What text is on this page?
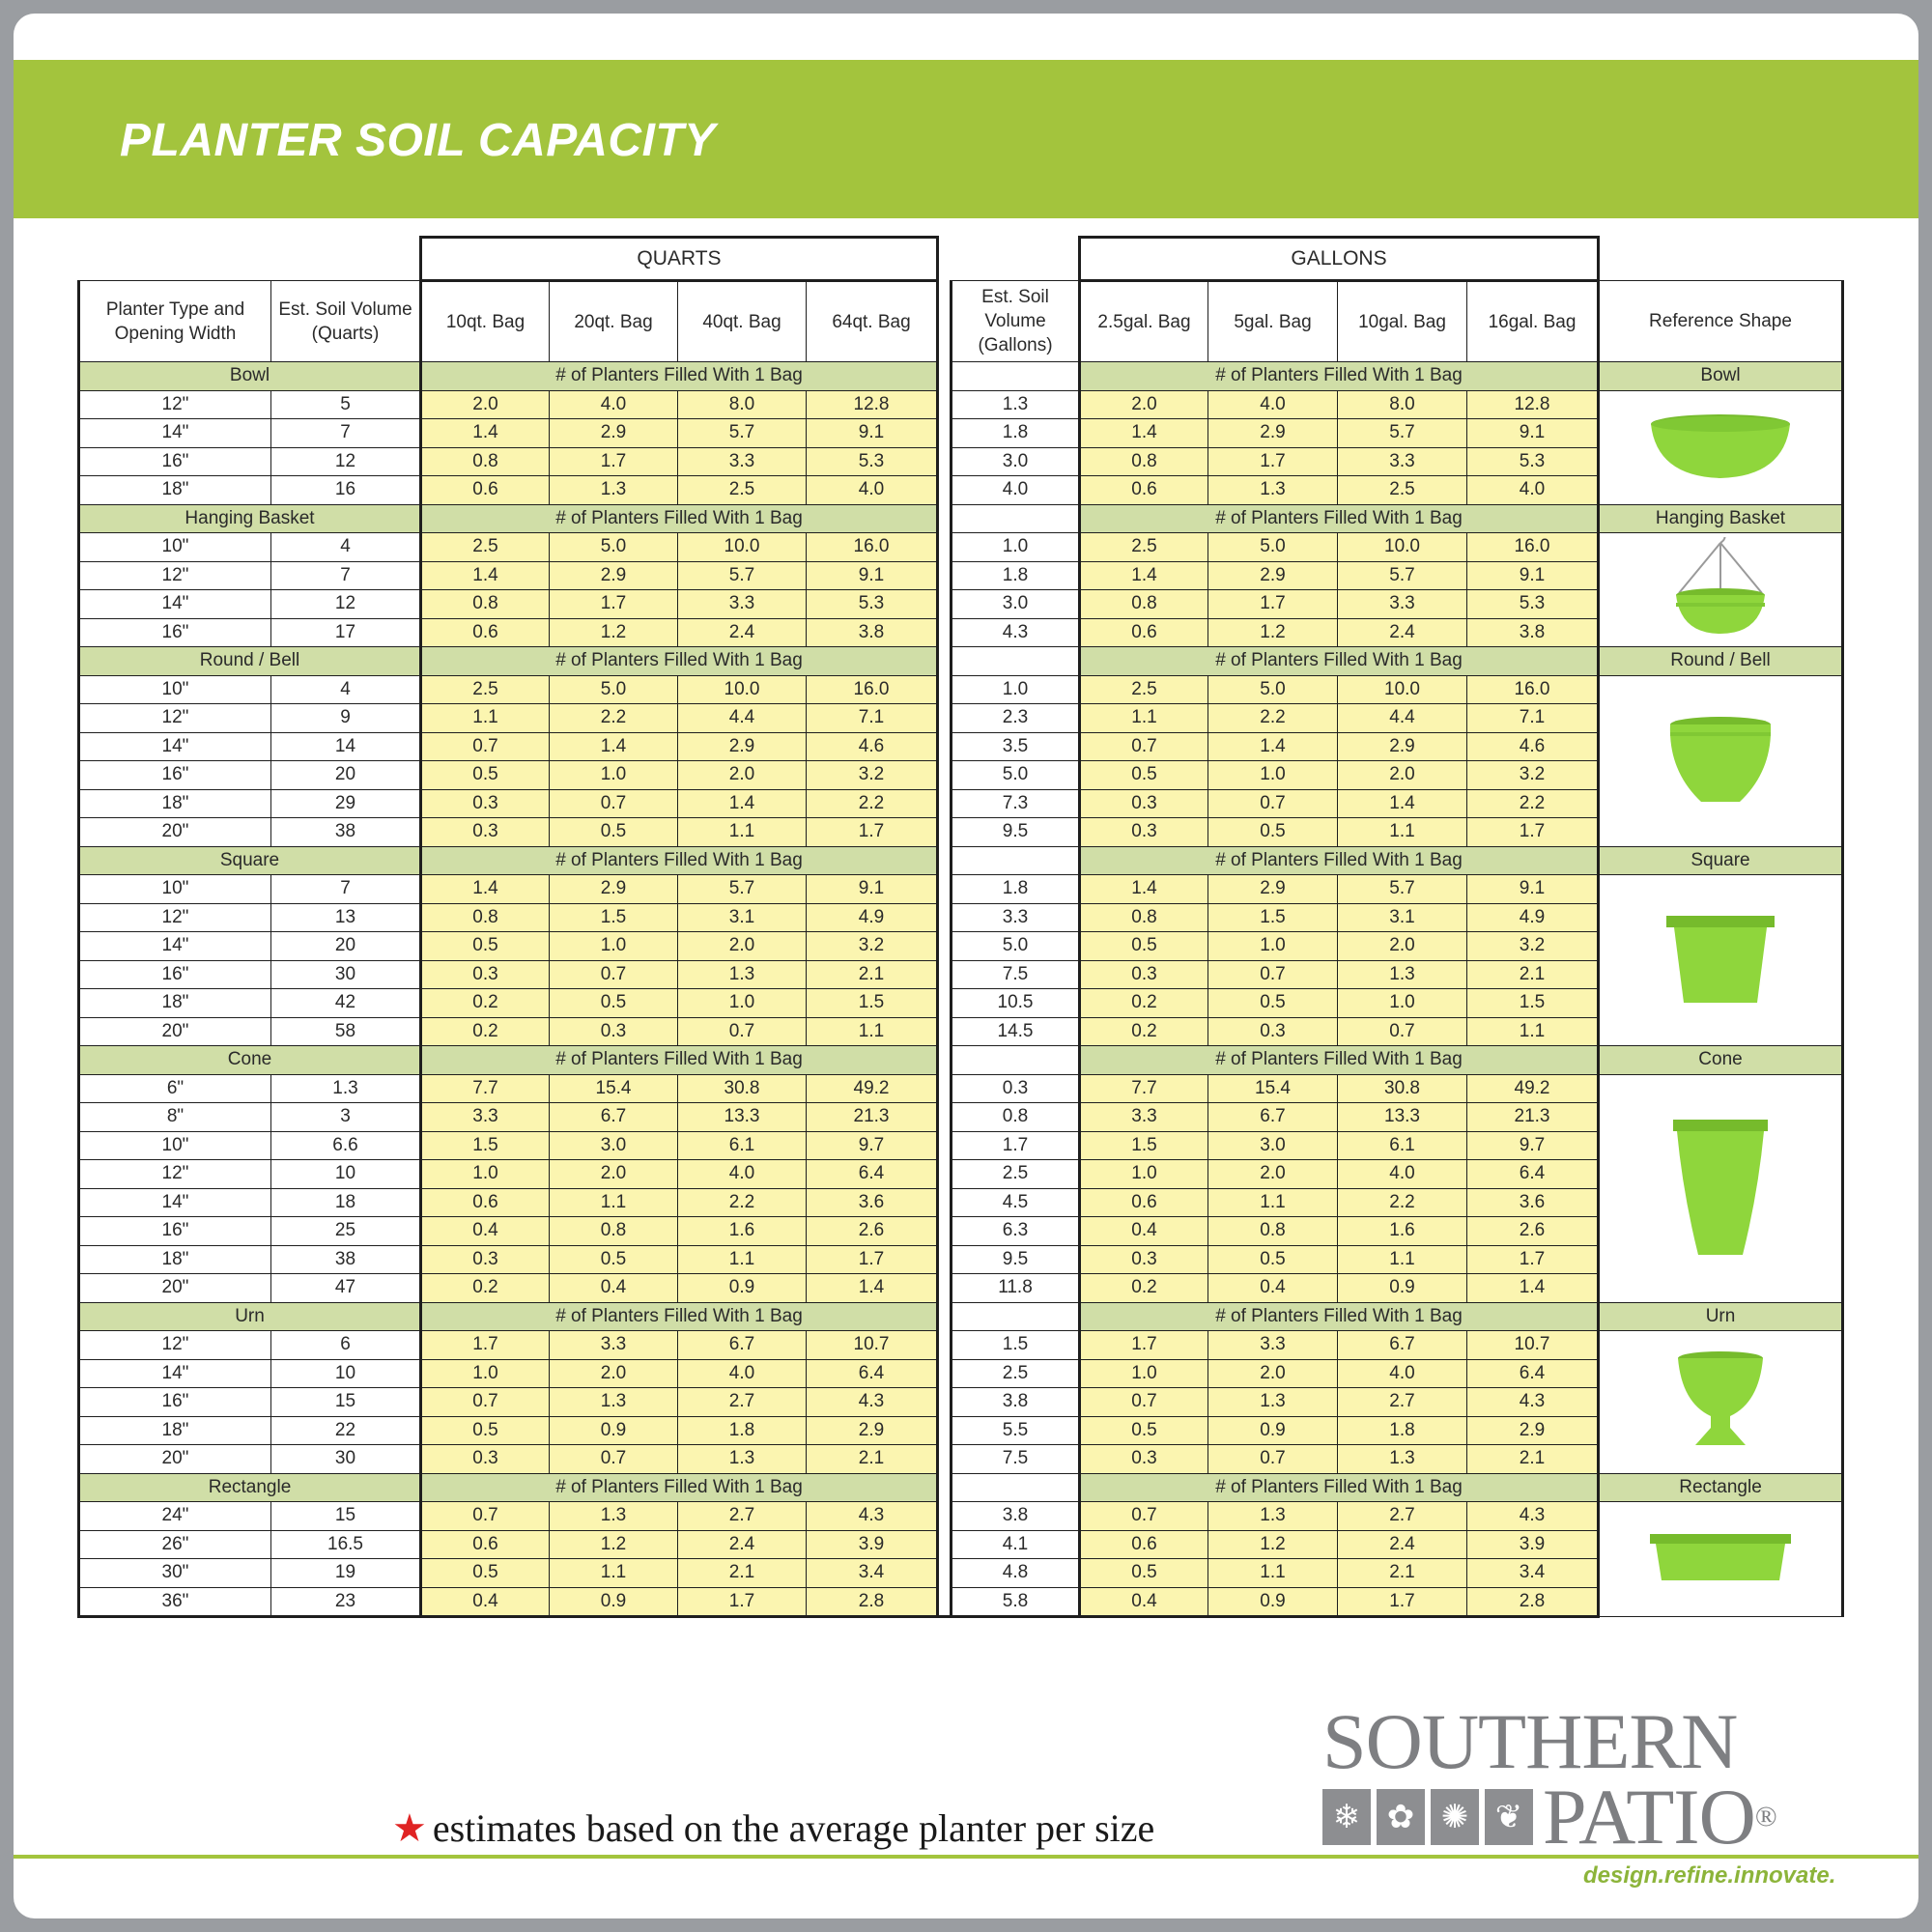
PLANTER SOIL CAPACITY
		QUARTS						GALLONS				
Planter Type and Opening Width	Est. Soil Volume (Quarts)	10qt. Bag	20qt. Bag	40qt. Bag	64qt. Bag		Est. Soil Volume (Gallons)	2.5gal. Bag	5gal. Bag	10gal. Bag	16gal. Bag	Reference Shape
Bowl		# of Planters Filled With 1 Bag						# of Planters Filled With 1 Bag				Bowl
12"	5	2.0	4.0	8.0	12.8		1.3	2.0	4.0	8.0	12.8	

14"	7	1.4	2.9	5.7	9.1		1.8	1.4	2.9	5.7	9.1	
16"	12	0.8	1.7	3.3	5.3		3.0	0.8	1.7	3.3	5.3	
18"	16	0.6	1.3	2.5	4.0		4.0	0.6	1.3	2.5	4.0	
Hanging Basket		# of Planters Filled With 1 Bag						# of Planters Filled With 1 Bag				Hanging Basket
10"	4	2.5	5.0	10.0	16.0		1.0	2.5	5.0	10.0	16.0	

12"	7	1.4	2.9	5.7	9.1		1.8	1.4	2.9	5.7	9.1	
14"	12	0.8	1.7	3.3	5.3		3.0	0.8	1.7	3.3	5.3	
16"	17	0.6	1.2	2.4	3.8		4.3	0.6	1.2	2.4	3.8	
Round / Bell		# of Planters Filled With 1 Bag						# of Planters Filled With 1 Bag				Round / Bell
10"	4	2.5	5.0	10.0	16.0		1.0	2.5	5.0	10.0	16.0	

12"	9	1.1	2.2	4.4	7.1		2.3	1.1	2.2	4.4	7.1	
14"	14	0.7	1.4	2.9	4.6		3.5	0.7	1.4	2.9	4.6	
16"	20	0.5	1.0	2.0	3.2		5.0	0.5	1.0	2.0	3.2	
18"	29	0.3	0.7	1.4	2.2		7.3	0.3	0.7	1.4	2.2	
20"	38	0.3	0.5	1.1	1.7		9.5	0.3	0.5	1.1	1.7	
Square		# of Planters Filled With 1 Bag						# of Planters Filled With 1 Bag				Square
10"	7	1.4	2.9	5.7	9.1		1.8	1.4	2.9	5.7	9.1	

12"	13	0.8	1.5	3.1	4.9		3.3	0.8	1.5	3.1	4.9	
14"	20	0.5	1.0	2.0	3.2		5.0	0.5	1.0	2.0	3.2	
16"	30	0.3	0.7	1.3	2.1		7.5	0.3	0.7	1.3	2.1	
18"	42	0.2	0.5	1.0	1.5		10.5	0.2	0.5	1.0	1.5	
20"	58	0.2	0.3	0.7	1.1		14.5	0.2	0.3	0.7	1.1	
Cone		# of Planters Filled With 1 Bag						# of Planters Filled With 1 Bag				Cone
6"	1.3	7.7	15.4	30.8	49.2		0.3	7.7	15.4	30.8	49.2	

8"	3	3.3	6.7	13.3	21.3		0.8	3.3	6.7	13.3	21.3	
10"	6.6	1.5	3.0	6.1	9.7		1.7	1.5	3.0	6.1	9.7	
12"	10	1.0	2.0	4.0	6.4		2.5	1.0	2.0	4.0	6.4	
14"	18	0.6	1.1	2.2	3.6		4.5	0.6	1.1	2.2	3.6	
16"	25	0.4	0.8	1.6	2.6		6.3	0.4	0.8	1.6	2.6	
18"	38	0.3	0.5	1.1	1.7		9.5	0.3	0.5	1.1	1.7	
20"	47	0.2	0.4	0.9	1.4		11.8	0.2	0.4	0.9	1.4	
Urn		# of Planters Filled With 1 Bag						# of Planters Filled With 1 Bag				Urn
12"	6	1.7	3.3	6.7	10.7		1.5	1.7	3.3	6.7	10.7	

14"	10	1.0	2.0	4.0	6.4		2.5	1.0	2.0	4.0	6.4	
16"	15	0.7	1.3	2.7	4.3		3.8	0.7	1.3	2.7	4.3	
18"	22	0.5	0.9	1.8	2.9		5.5	0.5	0.9	1.8	2.9	
20"	30	0.3	0.7	1.3	2.1		7.5	0.3	0.7	1.3	2.1	
Rectangle		# of Planters Filled With 1 Bag						# of Planters Filled With 1 Bag				Rectangle
24"	15	0.7	1.3	2.7	4.3		3.8	0.7	1.3	2.7	4.3	

26"	16.5	0.6	1.2	2.4	3.9		4.1	0.6	1.2	2.4	3.9	
30"	19	0.5	1.1	2.1	3.4		4.8	0.5	1.1	2.1	3.4	
36"	23	0.4	0.9	1.7	2.8		5.8	0.4	0.9	1.7	2.8	
★ estimates based on the average planter per size
SOUTHERN
❄ ✿ ✺ ❦ PATIO®
design.refine.innovate.
